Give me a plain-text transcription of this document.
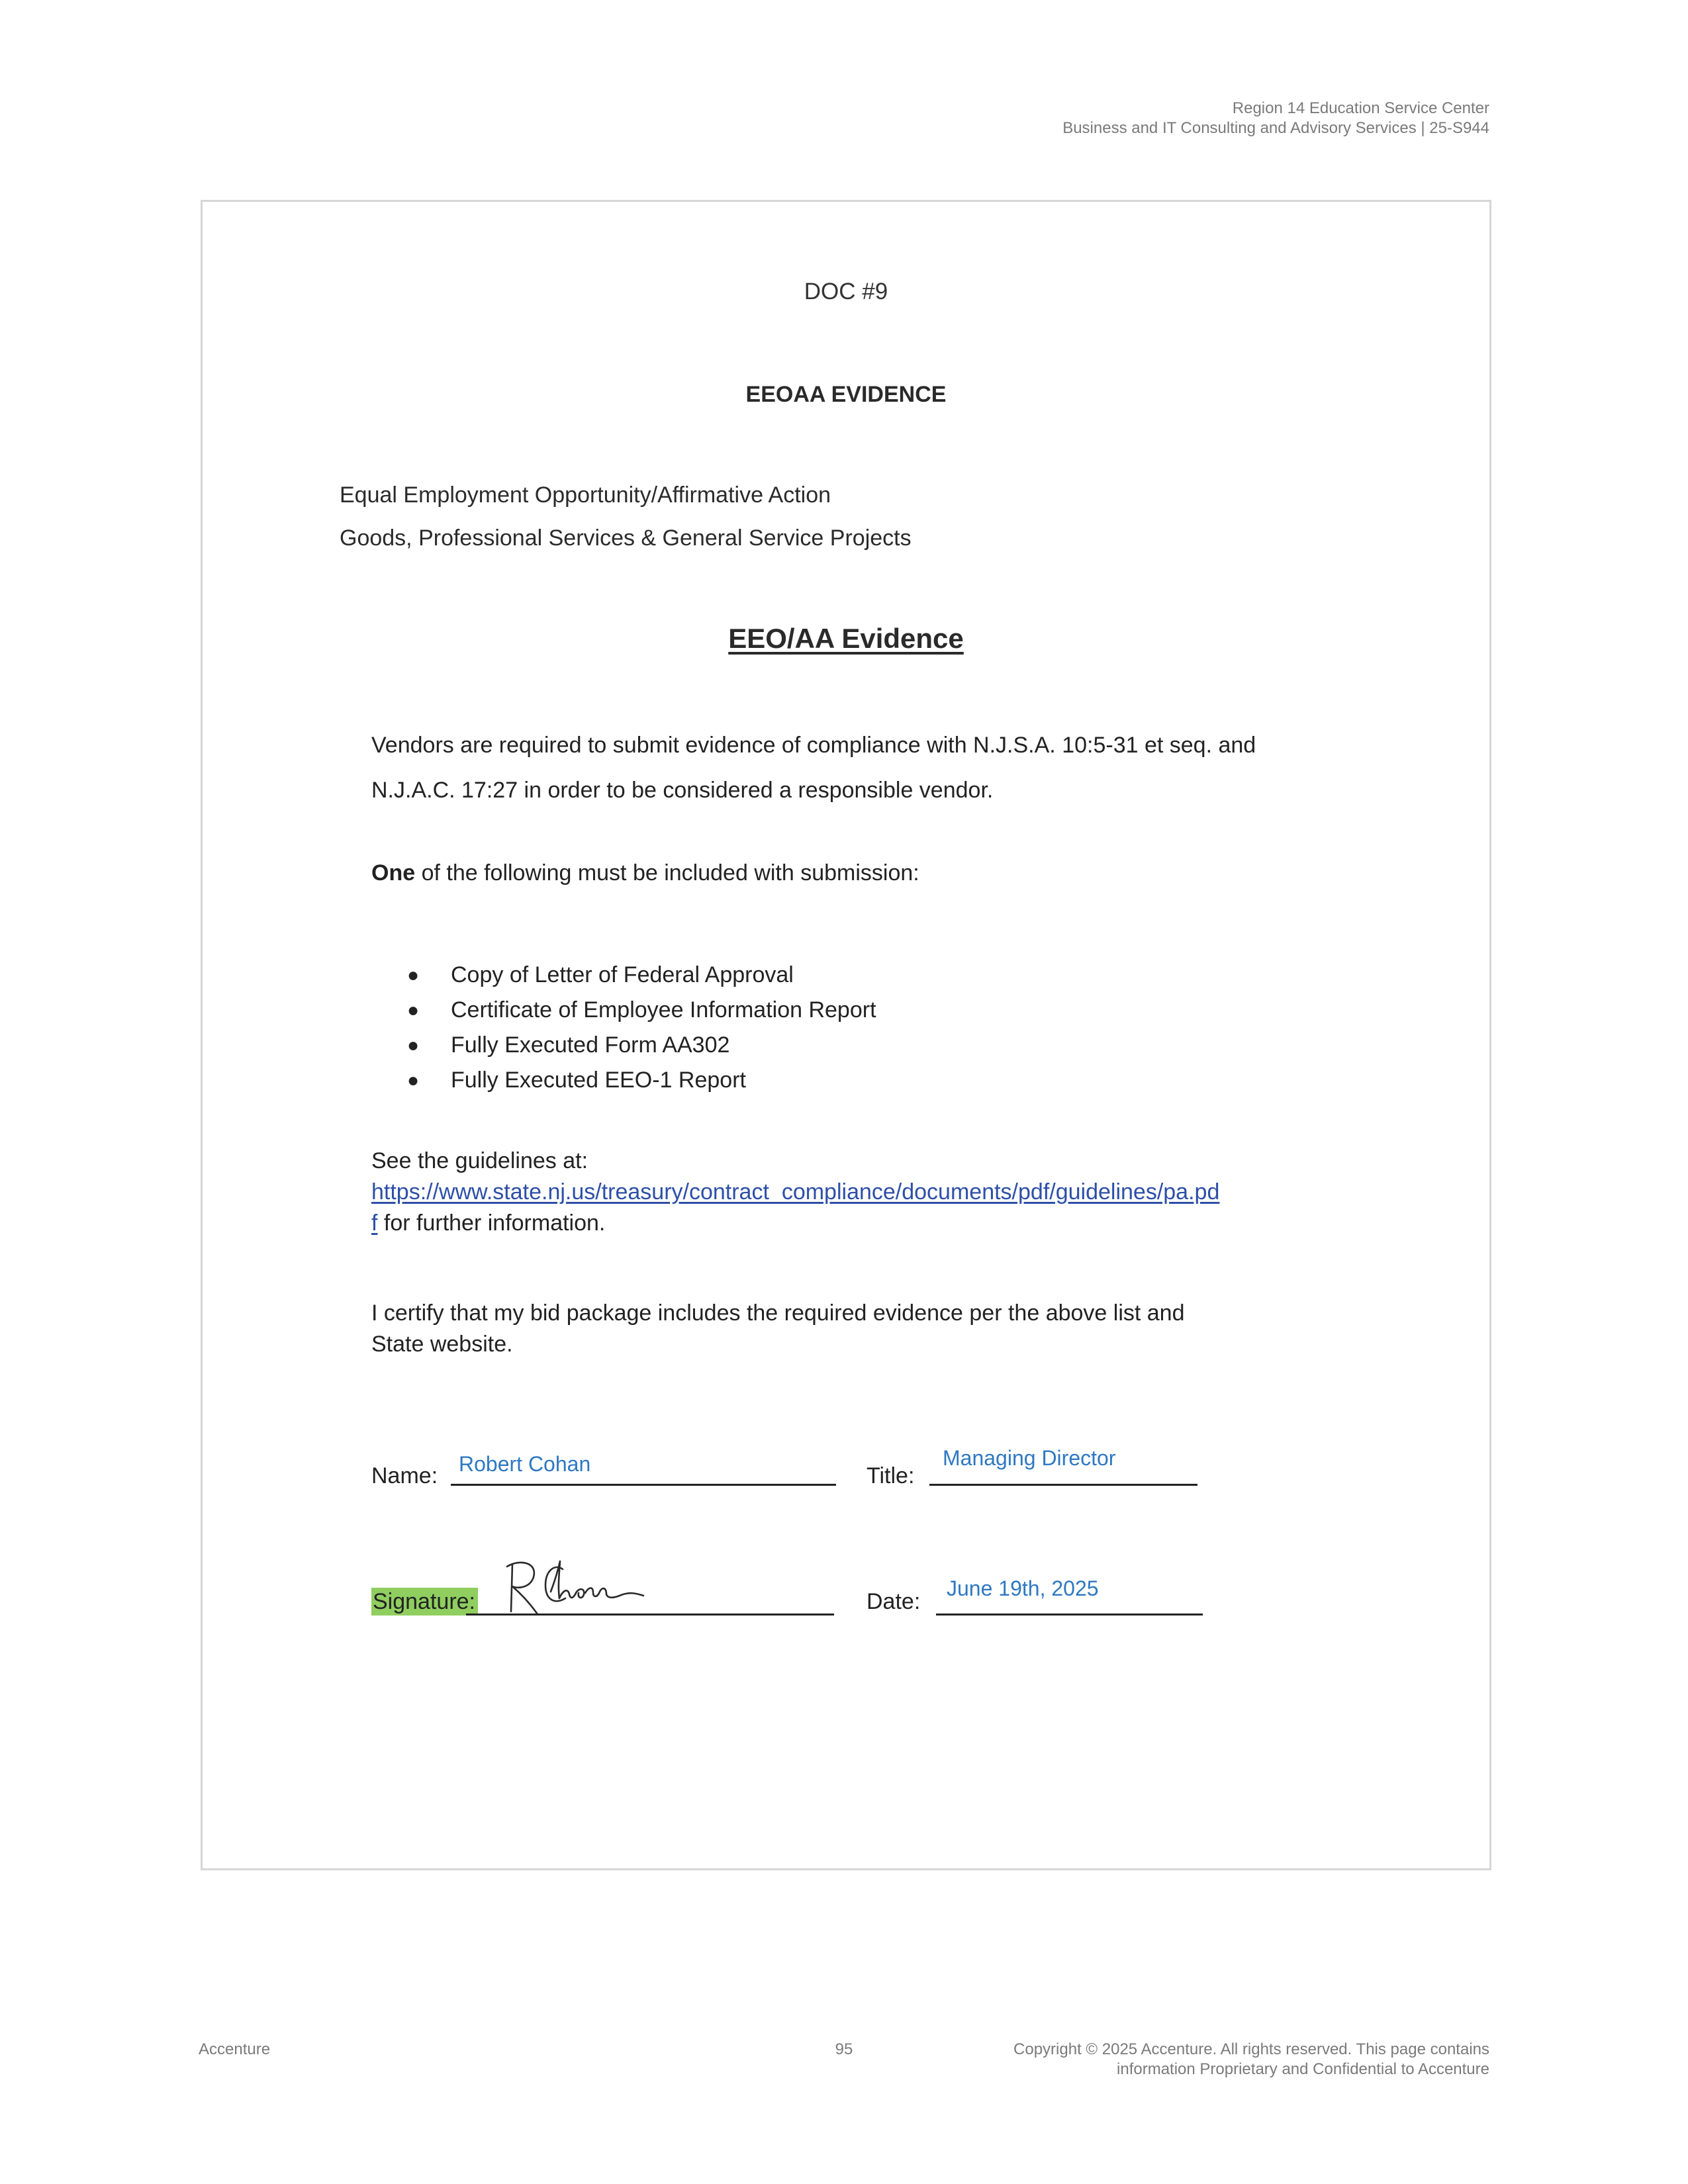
Region 14 Education Service Center
Business and IT Consulting and Advisory Services | 25-S944
DOC #9
EEOAA EVIDENCE
Equal Employment Opportunity/Affirmative Action
Goods, Professional Services & General Service Projects
EEO/AA Evidence
Vendors are required to submit evidence of compliance with N.J.S.A. 10:5-31 et seq. and
N.J.A.C. 17:27 in order to be considered a responsible vendor.
One of the following must be included with submission:
● Copy of Letter of Federal Approval
● Certificate of Employee Information Report
● Fully Executed Form AA302
● Fully Executed EEO-1 Report
See the guidelines at:
https://www.state.nj.us/treasury/contract_compliance/documents/pdf/guidelines/pa.pd
f for further information.
I certify that my bid package includes the required evidence per the above list and
State website.
Name: Robert Cohan	Title:
Managing Director
Signature:	Date:
June 19th, 2025
Accenture	95	Copyright © 2025 Accenture. All rights reserved. This page contains
information Proprietary and Confidential to Accenture
